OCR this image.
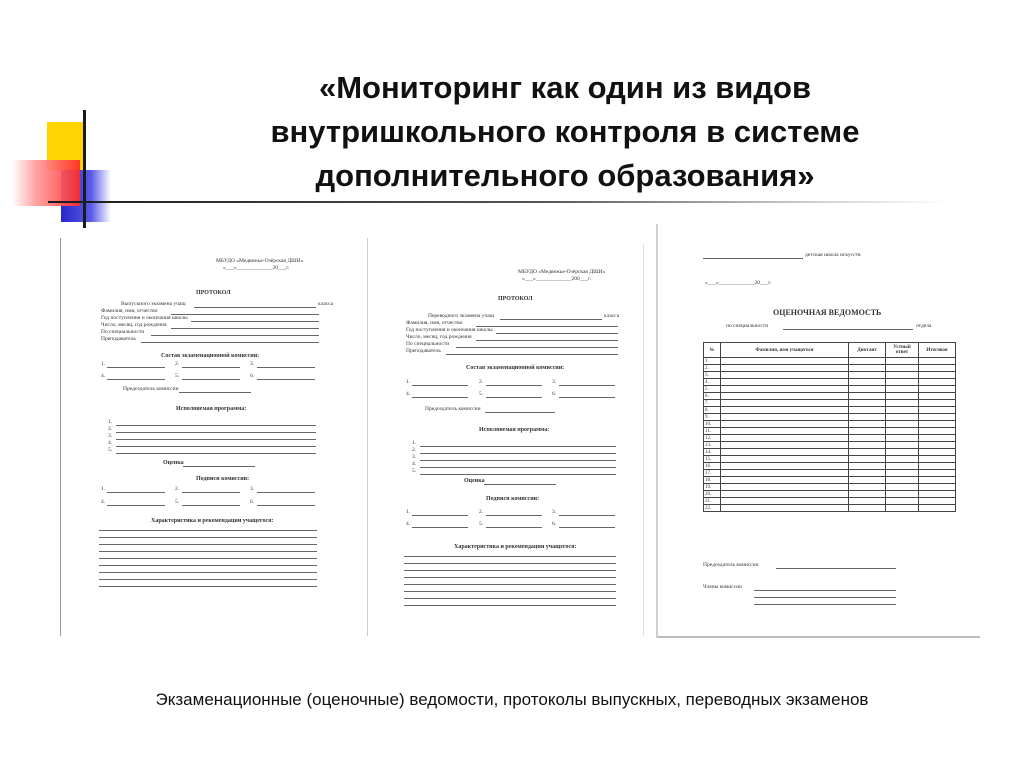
«Мониторинг как один из видов
внутришкольного контроля в системе
дополнительного образования»
МБУДО «Медвежье-Озёрская ДШИ»
«___»_____________20___г.
ПРОТОКОЛ
Выпускного экзамена учащ	класса
Фамилия, имя, отчество
Год поступления и окончания школы
Число, месяц, год рождения
По специальности
Преподаватель
Состав экзаменационной комиссии:
1.	2.	3.
4.	5.	6.
Председатель комиссии
Исполняемая программа:
1.
2.
3.
4.
5.
Оценка
Подписи комиссии:
1.	2.	3.
4.	5.	6.
Характеристика и рекомендации учащегося:
МБУДО «Медвежье-Озёрская ДШИ»
«___»_____________200___г.
ПРОТОКОЛ
Переводного экзамена учащ	класса
Фамилия, имя, отчество
Год поступления и окончания школы
Число, месяц, год рождения
По специальности
Преподаватель
Состав экзаменационной комиссии:
1.	2.	3.
4.	5.	6.
Председатель комиссии
Исполняемая программа:
1.
2.
3.
4.
5.
Оценка
Подписи комиссии:
1.	2.	3.
4.	5.	6.
Характеристика и рекомендации учащегося:
детская школа искусств
«___»_____________20___г.
ОЦЕНОЧНАЯ ВЕДОМОСТЬ
по специальности	отдела
№	Фамилия, имя учащегося	Диктант	Устный ответ	Итоговая
1.				
2.				
3.				
4.				
5.				
6.				
7.				
8.				
9.				
10.				
11.				
12.				
13.				
14.				
15.				
16.				
17.				
18.				
19.				
20.				
21.				
22.				
Председатель комиссии
Члены комиссии
Экзаменационные (оценочные) ведомости, протоколы выпускных, переводных экзаменов
